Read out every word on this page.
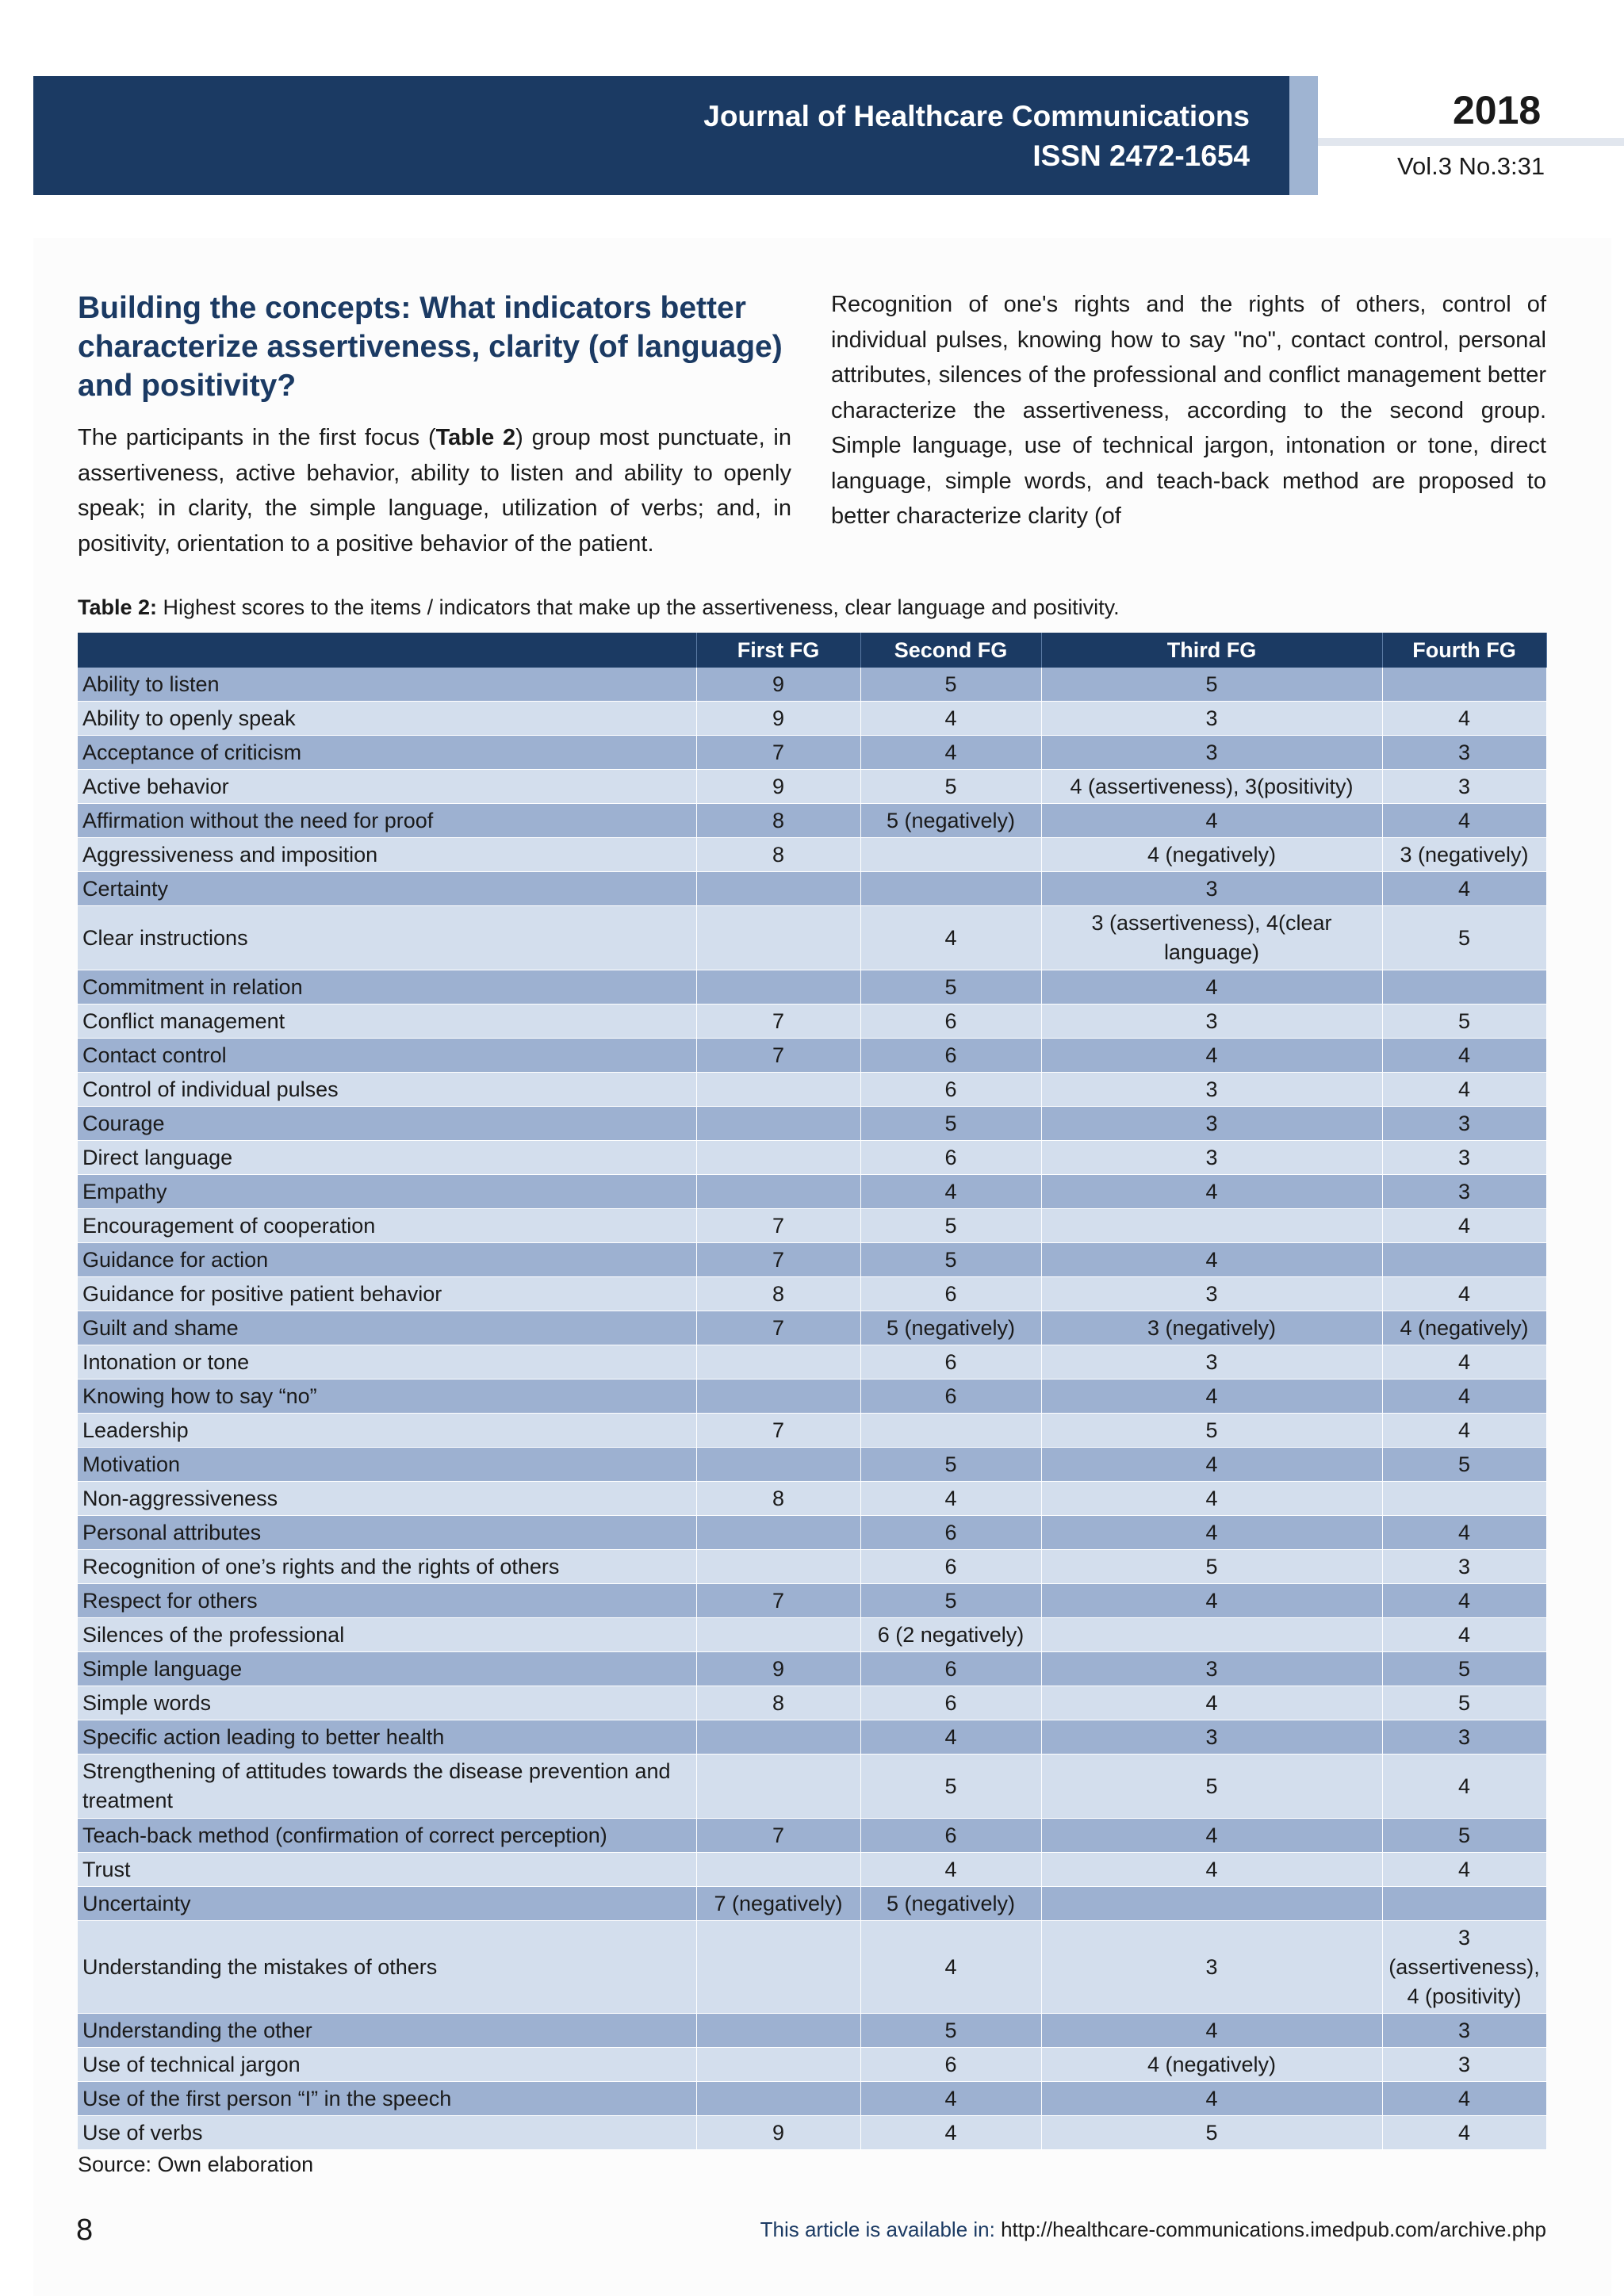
Journal of Healthcare Communications
ISSN 2472-1654
2018
Vol.3 No.3:31
Building the concepts: What indicators better characterize assertiveness, clarity (of language) and positivity?

The participants in the first focus (Table 2) group most punctuate, in assertiveness, active behavior, ability to listen and ability to openly speak; in clarity, the simple language, utilization of verbs; and, in positivity, orientation to a positive behavior of the patient.

Recognition of one's rights and the rights of others, control of individual pulses, knowing how to say "no", contact control, personal attributes, silences of the professional and conflict management better characterize the assertiveness, according to the second group. Simple language, use of technical jargon, intonation or tone, direct language, simple words, and teach-back method are proposed to better characterize clarity (of

Table 2: Highest scores to the items / indicators that make up the assertiveness, clear language and positivity.
	First FG	Second FG	Third FG	Fourth FG
Ability to listen	9	5	5	
Ability to openly speak	9	4	3	4
Acceptance of criticism	7	4	3	3
Active behavior	9	5	4 (assertiveness), 3(positivity)	3
Affirmation without the need for proof	8	5 (negatively)	4	4
Aggressiveness and imposition	8		4 (negatively)	3 (negatively)
Certainty			3	4
Clear instructions		4	3 (assertiveness), 4(clear language)	5
Commitment in relation		5	4	
Conflict management	7	6	3	5
Contact control	7	6	4	4
Control of individual pulses		6	3	4
Courage		5	3	3
Direct language		6	3	3
Empathy		4	4	3
Encouragement of cooperation	7	5		4
Guidance for action	7	5	4	
Guidance for positive patient behavior	8	6	3	4
Guilt and shame	7	5 (negatively)	3 (negatively)	4 (negatively)
Intonation or tone		6	3	4
Knowing how to say “no”		6	4	4
Leadership	7		5	4
Motivation		5	4	5
Non-aggressiveness	8	4	4	
Personal attributes		6	4	4
Recognition of one’s rights and the rights of others		6	5	3
Respect for others	7	5	4	4
Silences of the professional		6 (2 negatively)		4
Simple language	9	6	3	5
Simple words	8	6	4	5
Specific action leading to better health		4	3	3
Strengthening of attitudes towards the disease prevention and treatment		5	5	4
Teach-back method (confirmation of correct perception)	7	6	4	5
Trust		4	4	4
Uncertainty	7 (negatively)	5 (negatively)		
Understanding the mistakes of others		4	3	3 (assertiveness), 4 (positivity)
Understanding the other		5	4	3
Use of technical jargon		6	4 (negatively)	3
Use of the first person “I” in the speech		4	4	4
Use of verbs	9	4	5	4
Source: Own elaboration
8	This article is available in: http://healthcare-communications.imedpub.com/archive.php
